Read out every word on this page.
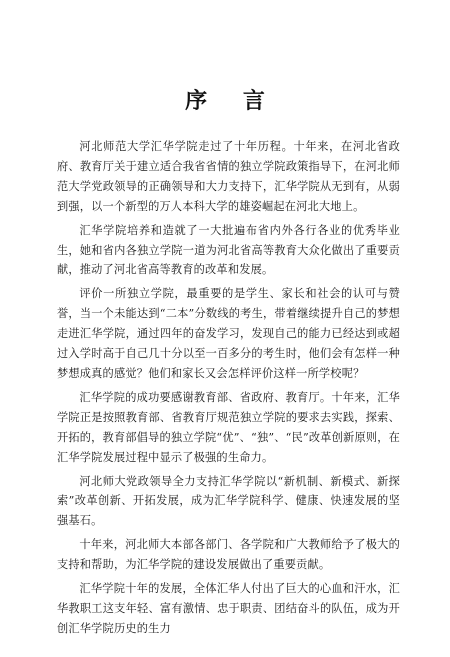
序 言

河北师范大学汇华学院走过了十年历程。十年来，在河北省政府、教育厅关于建立适合我省省情的独立学院政策指导下，在河北师范大学党政领导的正确领导和大力支持下，汇华学院从无到有，从弱到强，以一个新型的万人本科大学的雄姿崛起在河北大地上。

汇华学院培养和造就了一大批遍布省内外各行各业的优秀毕业生，她和省内各独立学院一道为河北省高等教育大众化做出了重要贡献，推动了河北省高等教育的改革和发展。

评价一所独立学院，最重要的是学生、家长和社会的认可与赞誉，当一个未能达到“二本”分数线的考生，带着继续提升自己的梦想走进汇华学院，通过四年的奋发学习，发现自己的能力已经达到或超过入学时高于自己几十分以至一百多分的考生时，他们会有怎样一种梦想成真的感觉？他们和家长又会怎样评价这样一所学校呢？

汇华学院的成功要感谢教育部、省政府、教育厅。十年来，汇华学院正是按照教育部、省教育厅规范独立学院的要求去实践，探索、开拓的，教育部倡导的独立学院“优”、“独”、“民”改革创新原则，在汇华学院发展过程中显示了极强的生命力。

河北师大党政领导全力支持汇华学院以“新机制、新模式、新探索”改革创新、开拓发展，成为汇华学院科学、健康、快速发展的坚强基石。

十年来，河北师大本部各部门、各学院和广大教师给予了极大的支持和帮助，为汇华学院的建设发展做出了重要贡献。

汇华学院十年的发展，全体汇华人付出了巨大的心血和汗水，汇华教职工这支年轻、富有激情、忠于职责、团结奋斗的队伍，成为开创汇华学院历史的生力
